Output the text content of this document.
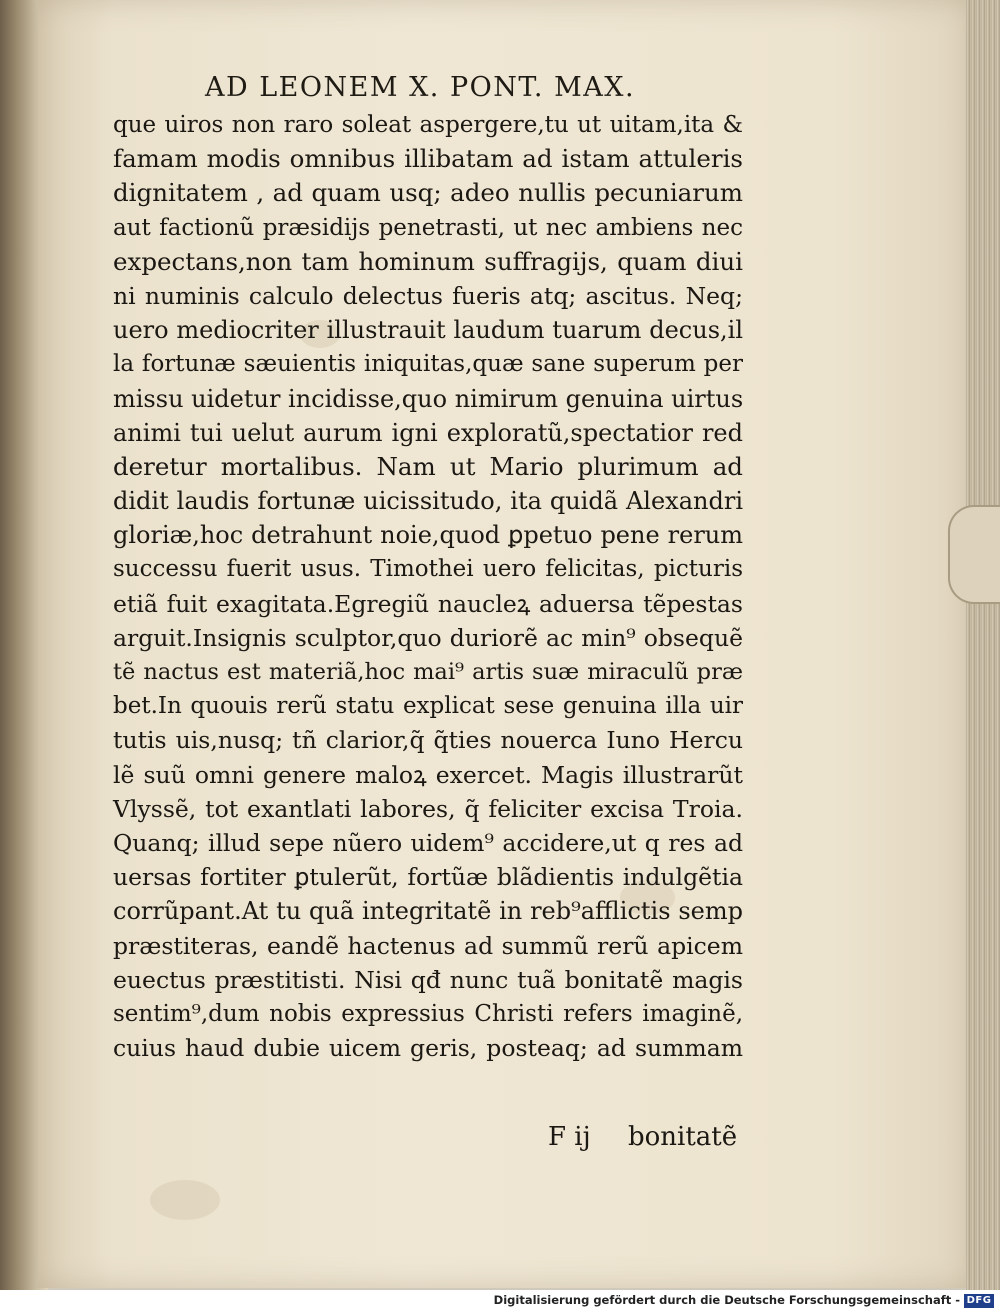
AD LEONEM X. PONT. MAX.
que uiros non raro soleat aspergere,tu ut uitam,ita &
famam modis omnibus illibatam ad istam attuleris
dignitatem , ad quam usq; adeo nullis pecuniarum
aut factionũ præsidijs penetrasti, ut nec ambiens nec
expectans,non tam hominum suffragijs, quam diui
ni numinis calculo delectus fueris atq; ascitus. Neq;
uero mediocriter illustrauit laudum tuarum decus,il
la fortunæ sæuientis iniquitas,quæ sane superum per
missu uidetur incidisse,quo nimirum genuina uirtus
animi tui uelut aurum igni exploratũ,spectatior red
deretur mortalibus. Nam ut Mario plurimum ad
didit laudis fortunæ uicissitudo, ita quidã Alexandri
gloriæ,hoc detrahunt noie,quod ꝑpetuo pene rerum
successu fuerit usus. Timothei uero felicitas, picturis
etiã fuit exagitata.Egregiũ naucleꝝ aduersa tẽpestas
arguit.Insignis sculptor,quo duriorẽ ac min⁹ obsequẽ
tẽ nactus est materiã,hoc mai⁹ artis suæ miraculũ præ
bet.In quouis rerũ statu explicat sese genuina illa uir
tutis uis,nusq; tñ clarior,q̃ q̃ties nouerca Iuno Hercu
lẽ suũ omni genere maloꝝ exercet. Magis illustrarũt
Vlyssẽ, tot exantlati labores, q̃ feliciter excisa Troia.
Quanq; illud sepe nũero uidem⁹ accidere,ut q res ad
uersas fortiter ꝑtulerũt, fortũæ blãdientis indulgẽtia
corrũpant.At tu quã integritatẽ in reb⁹afflictis semp
præstiteras, eandẽ hactenus ad summũ rerũ apicem
euectus præstitisti. Nisi qđ nunc tuã bonitatẽ magis
sentim⁹,dum nobis expressius Christi refers imaginẽ,
cuius haud dubie uicem geris, posteaq; ad summam
F ij bonitatẽ
Digitalisierung gefördert durch die Deutsche Forschungsgemeinschaft - DFG
